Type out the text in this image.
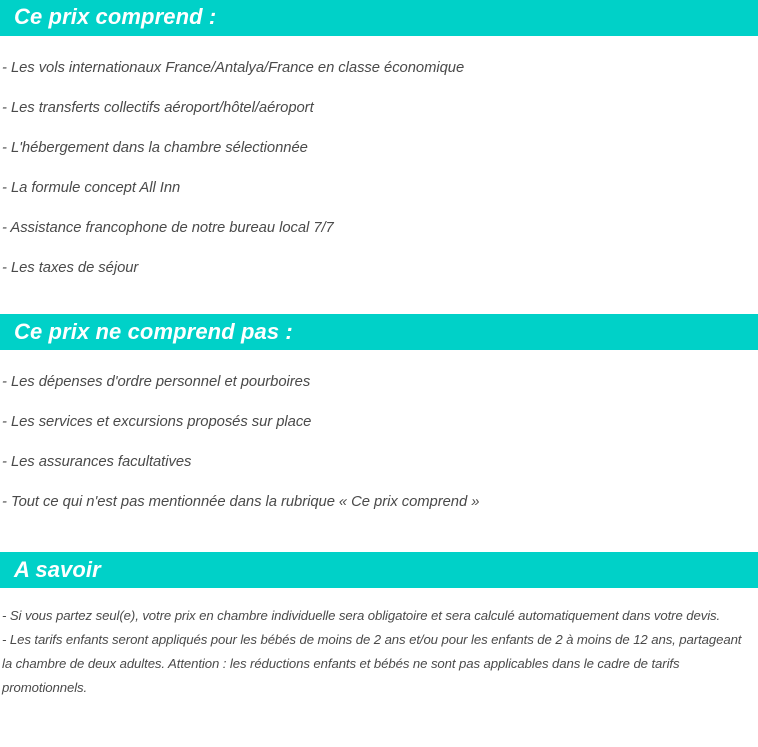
Ce prix comprend :
- Les vols internationaux France/Antalya/France en classe économique
- Les transferts collectifs aéroport/hôtel/aéroport
- L'hébergement dans la chambre sélectionnée
- La formule concept All Inn
- Assistance francophone de notre bureau local 7/7
- Les taxes de séjour
Ce prix ne comprend pas :
- Les dépenses d'ordre personnel et pourboires
- Les services et excursions proposés sur place
- Les assurances facultatives
- Tout ce qui n'est pas mentionnée dans la rubrique « Ce prix comprend »
A savoir

- Si vous partez seul(e), votre prix en chambre individuelle sera obligatoire et sera calculé automatiquement dans votre devis.

- Les tarifs enfants seront appliqués pour les bébés de moins de 2 ans et/ou pour les enfants de 2 à moins de 12 ans, partageant la chambre de deux adultes. Attention : les réductions enfants et bébés ne sont pas applicables dans le cadre de tarifs promotionnels.
